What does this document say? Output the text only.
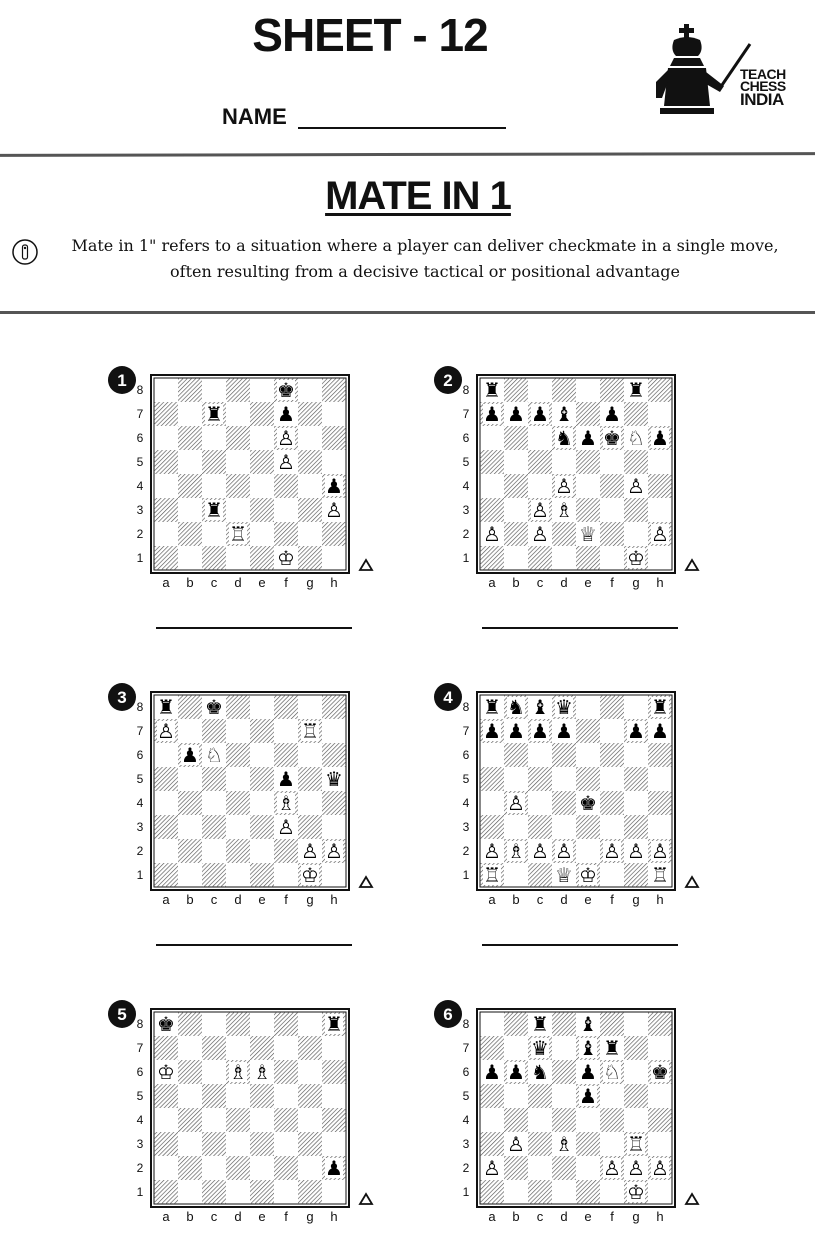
SHEET - 12
NAME
TEACH
CHESS
INDIA
MATE IN 1
Mate in 1" refers to a situation where a player can deliver checkmate in a single move,
often resulting from a decisive tactical or positional advantage
8
7
6
5
4
3
2
1
a b c d e f g h
♚
♜	♟
♙
♙
♟
♜	♙
♖
♔
1	8
7
6
5
4
3
2
1
a b c d e f g h
♜	♜
♟ ♟ ♟ ♝ ♟
♞ ♟ ♚ ♘ ♟
♙	♙
♙ ♗
♙ ♙ ♕	♙
♔
2
8
7
6
5
4
3
2
1
a b c d e f g h
♜ ♚
♙	♖
♟ ♘
♟ ♛
♗
♙
♙ ♙
♔
3	8
7
6
5
4
3
2
1
a b c d e f g h
♜ ♞ ♝ ♛	♜
♟ ♟ ♟ ♟	♟ ♟
♙	♚
♙ ♗ ♙ ♙ ♙ ♙ ♙
♖	♕ ♔	♖
4
8
7
6
5
4
3
2
1
a b c d e f g h
♚	♜
♔	♗ ♗
♟
5	8
7
6
5
4
3
2
1
a b c d e f g h
♜ ♝
♛ ♝ ♜
♟ ♟ ♞ ♟ ♘ ♚
♟
♙ ♗	♖
♙	♙ ♙ ♙
♔
6
